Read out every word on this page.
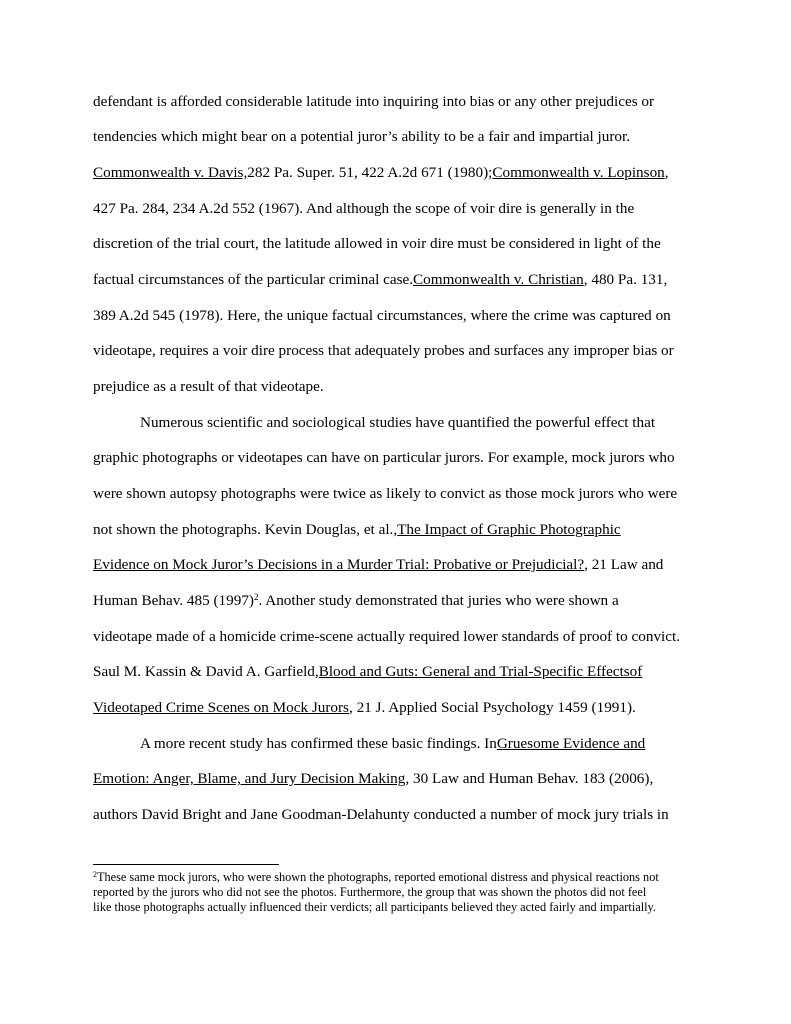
defendant is afforded considerable latitude into inquiring into bias or any other prejudices or
tendencies which might bear on a potential juror’s ability to be a fair and impartial juror.
Commonwealth v. Davis,282 Pa. Super. 51, 422 A.2d 671 (1980);Commonwealth v. Lopinson,
427 Pa. 284, 234 A.2d 552 (1967). And although the scope of voir dire is generally in the
discretion of the trial court, the latitude allowed in voir dire must be considered in light of the
factual circumstances of the particular criminal case.Commonwealth v. Christian, 480 Pa. 131,
389 A.2d 545 (1978). Here, the unique factual circumstances, where the crime was captured on
videotape, requires a voir dire process that adequately probes and surfaces any improper bias or
prejudice as a result of that videotape.
Numerous scientific and sociological studies have quantified the powerful effect that
graphic photographs or videotapes can have on particular jurors. For example, mock jurors who
were shown autopsy photographs were twice as likely to convict as those mock jurors who were
not shown the photographs. Kevin Douglas, et al.,The Impact of Graphic Photographic
Evidence on Mock Juror’s Decisions in a Murder Trial: Probative or Prejudicial?, 21 Law and
Human Behav. 485 $(1997)^2$. Another study demonstrated that juries who were shown a
videotape made of a homicide crime-scene actually required lower standards of proof to convict.
Saul M. Kassin & David A. Garfield,Blood and Guts: General and Trial-Specific Effectsof
Videotaped Crime Scenes on Mock Jurors, 21 J. Applied Social Psychology 1459 (1991).
A more recent study has confirmed these basic findings. InGruesome Evidence and
Emotion: Anger, Blame, and Jury Decision Making, 30 Law and Human Behav. 183 (2006),
authors David Bright and Jane Goodman-Delahunty conducted a number of mock jury trials in
$^2$These same mock jurors, who were shown the photographs, reported emotional distress and physical reactions not
reported by the jurors who did not see the photos. Furthermore, the group that was shown the photos did not feel
like those photographs actually influenced their verdicts; all participants believed they acted fairly and impartially.
